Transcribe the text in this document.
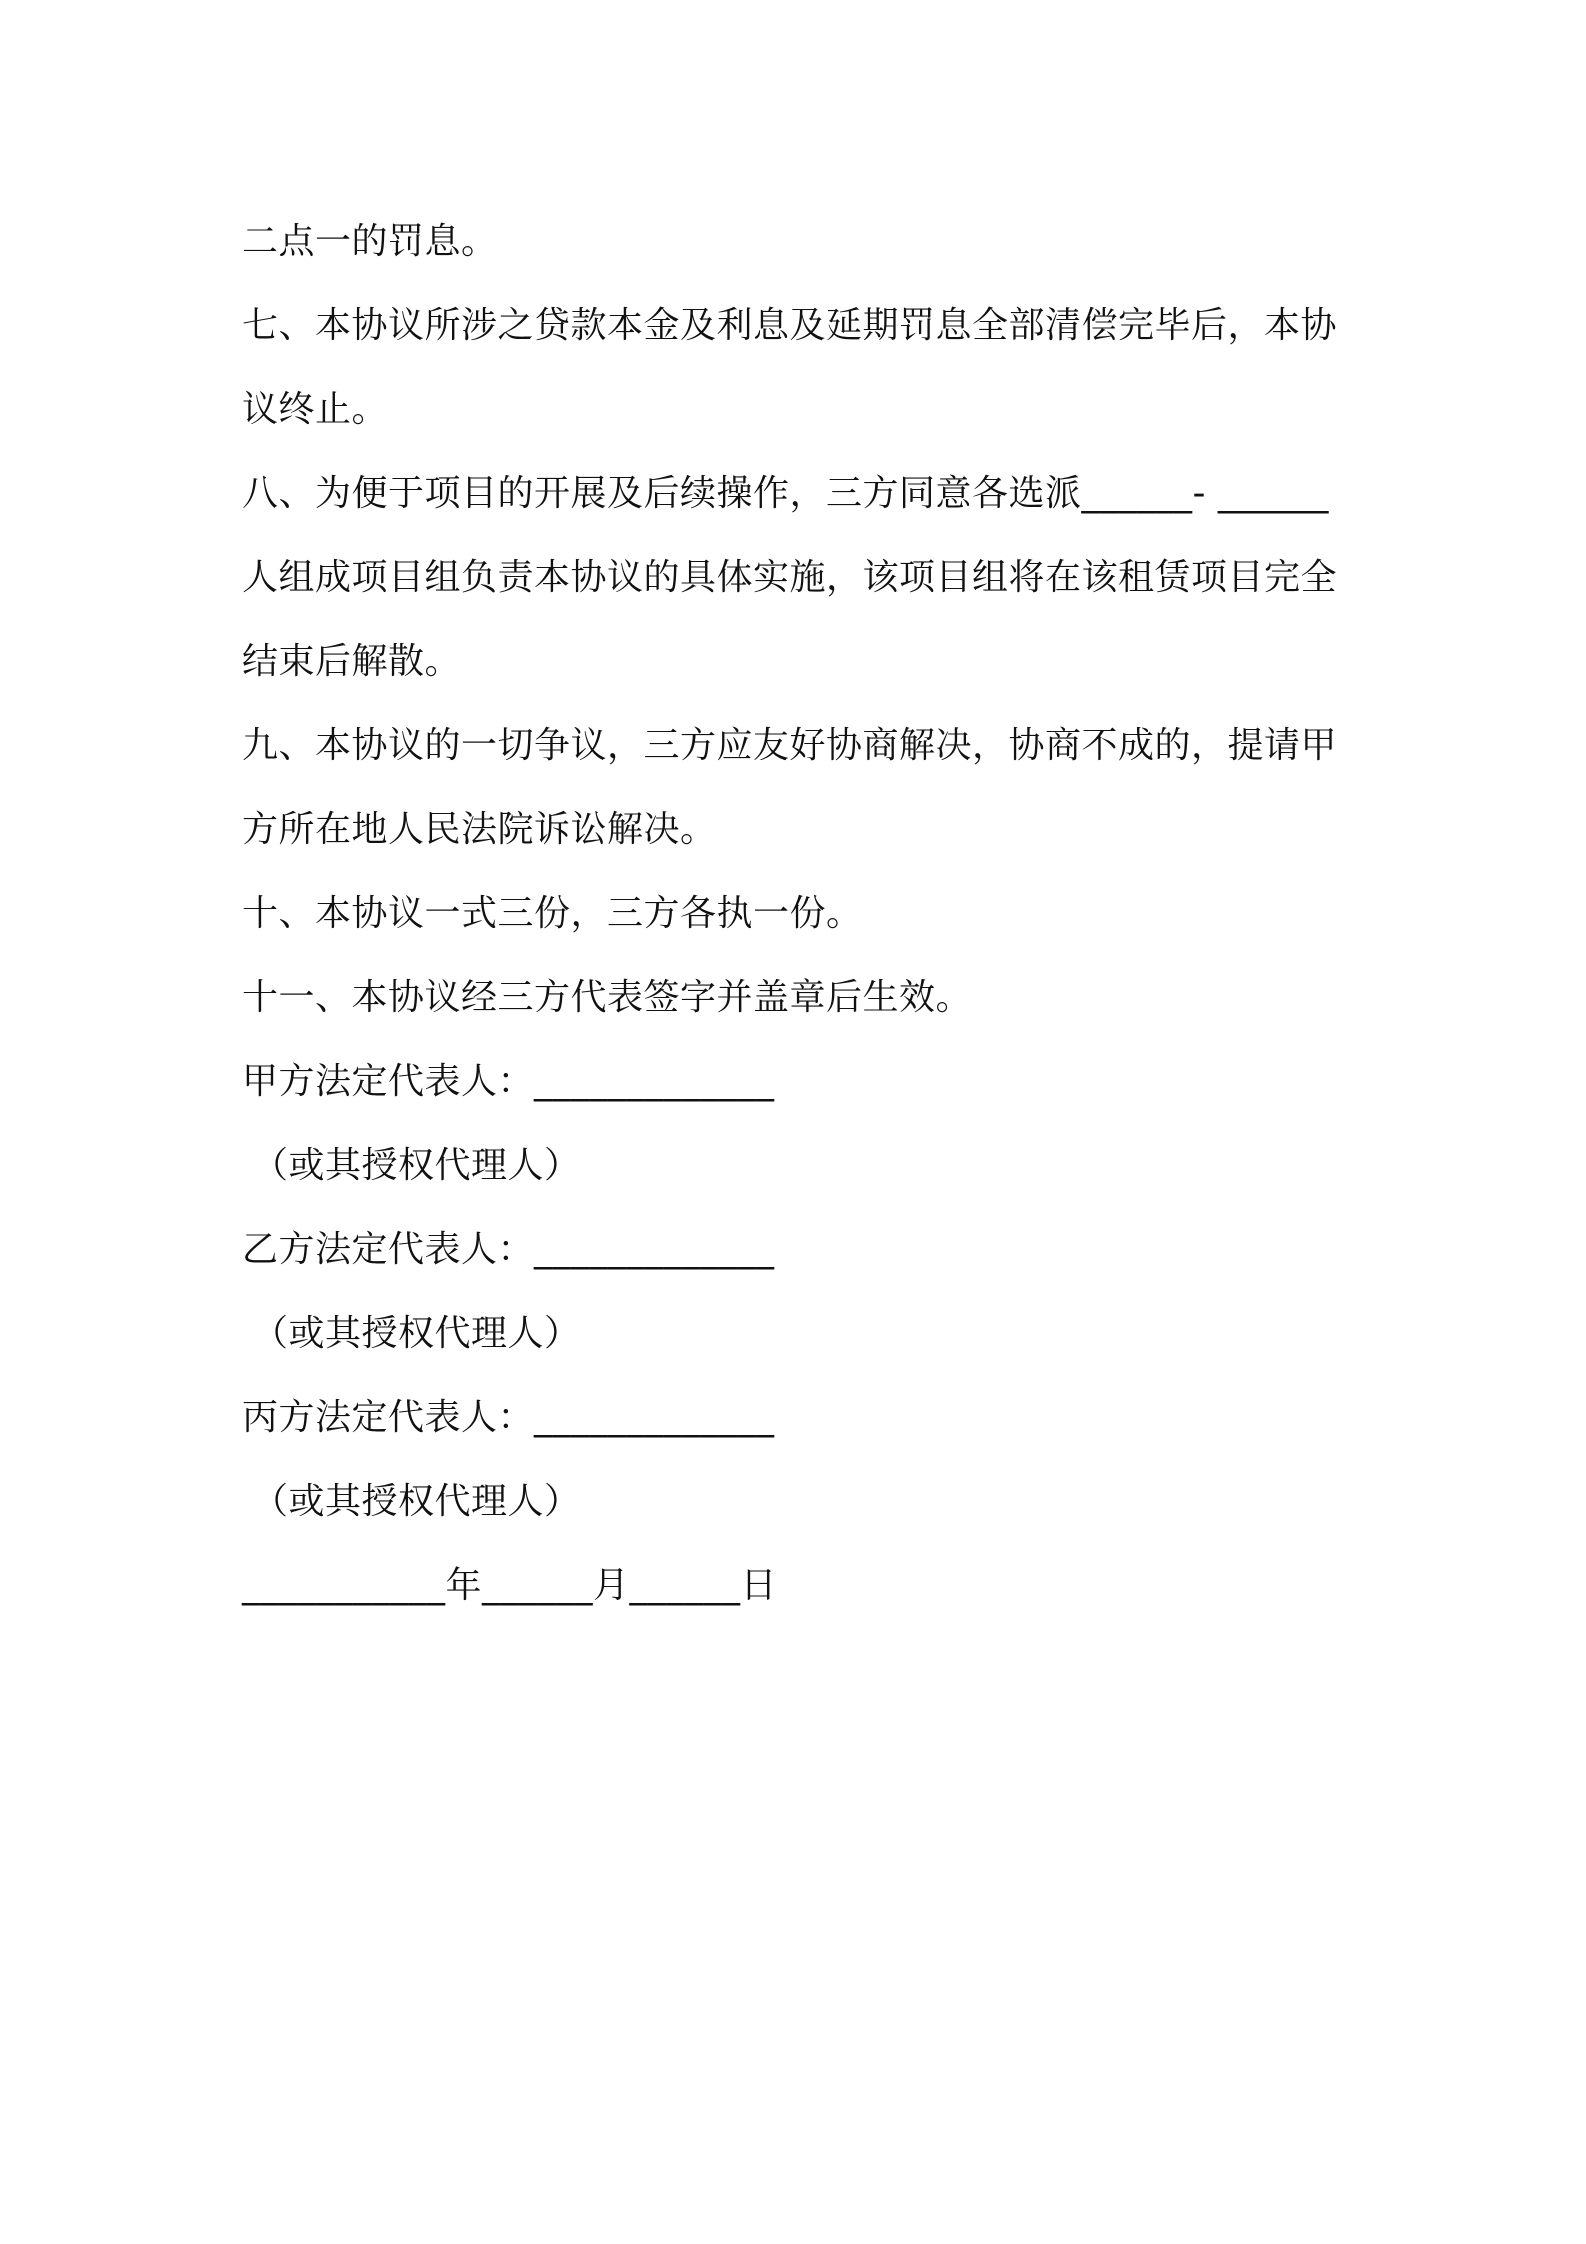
二点一的罚息。
七、本协议所涉之贷款本金及利息及延期罚息全部清偿完毕后，本协
议终止。
八、为便于项目的开展及后续操作，三方同意各选派______- ______
人组成项目组负责本协议的具体实施，该项目组将在该租赁项目完全
结束后解散。
九、本协议的一切争议，三方应友好协商解决，协商不成的，提请甲
方所在地人民法院诉讼解决。
十、本协议一式三份，三方各执一份。
十一、本协议经三方代表签字并盖章后生效。
甲方法定代表人：_____________
（或其授权代理人）
乙方法定代表人：_____________
（或其授权代理人）
丙方法定代表人：_____________
（或其授权代理人）
___________年______月______日
